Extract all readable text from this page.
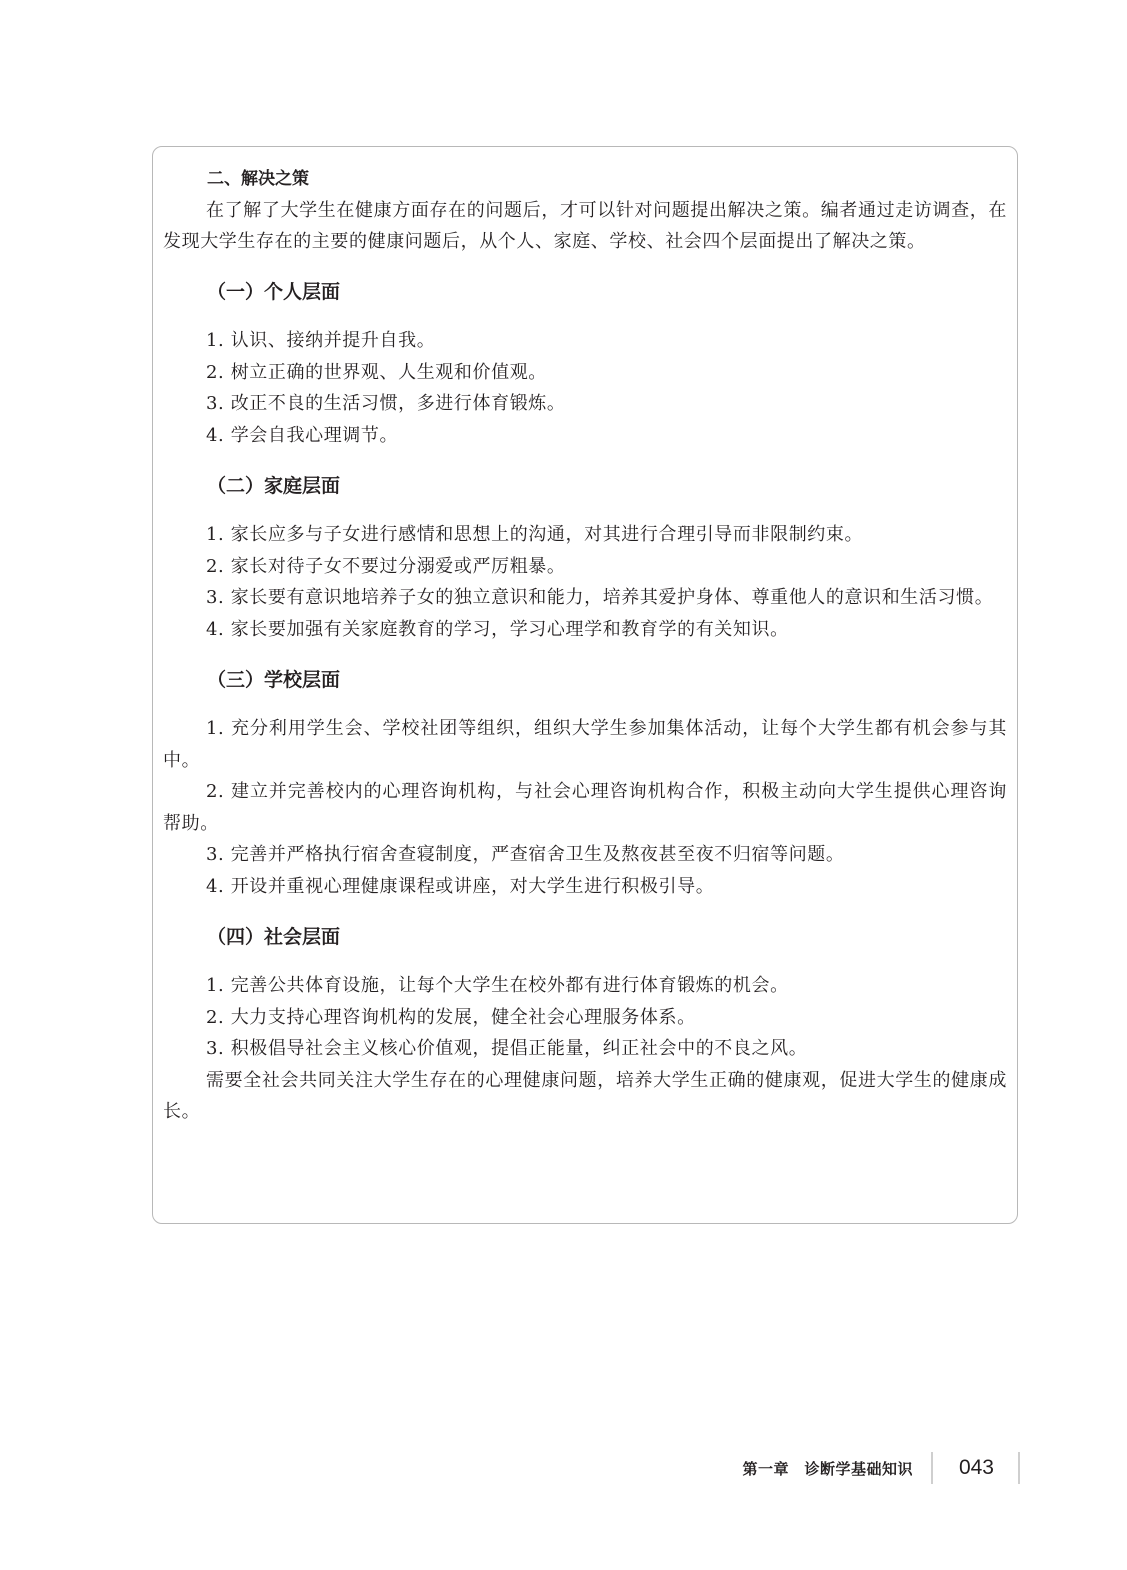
二、解决之策

在了解了大学生在健康方面存在的问题后，才可以针对问题提出解决之策。编者通过走访调查，在发现大学生存在的主要的健康问题后，从个人、家庭、学校、社会四个层面提出了解决之策。

（一）个人层面

1. 认识、接纳并提升自我。

2. 树立正确的世界观、人生观和价值观。

3. 改正不良的生活习惯，多进行体育锻炼。

4. 学会自我心理调节。

（二）家庭层面

1. 家长应多与子女进行感情和思想上的沟通，对其进行合理引导而非限制约束。

2. 家长对待子女不要过分溺爱或严厉粗暴。

3. 家长要有意识地培养子女的独立意识和能力，培养其爱护身体、尊重他人的意识和生活习惯。

4. 家长要加强有关家庭教育的学习，学习心理学和教育学的有关知识。

（三）学校层面

1. 充分利用学生会、学校社团等组织，组织大学生参加集体活动，让每个大学生都有机会参与其中。

2. 建立并完善校内的心理咨询机构，与社会心理咨询机构合作，积极主动向大学生提供心理咨询帮助。

3. 完善并严格执行宿舍查寝制度，严查宿舍卫生及熬夜甚至夜不归宿等问题。

4. 开设并重视心理健康课程或讲座，对大学生进行积极引导。

（四）社会层面

1. 完善公共体育设施，让每个大学生在校外都有进行体育锻炼的机会。

2. 大力支持心理咨询机构的发展，健全社会心理服务体系。

3. 积极倡导社会主义核心价值观，提倡正能量，纠正社会中的不良之风。

需要全社会共同关注大学生存在的心理健康问题，培养大学生正确的健康观，促进大学生的健康成长。

第一章　诊断学基础知识 043
